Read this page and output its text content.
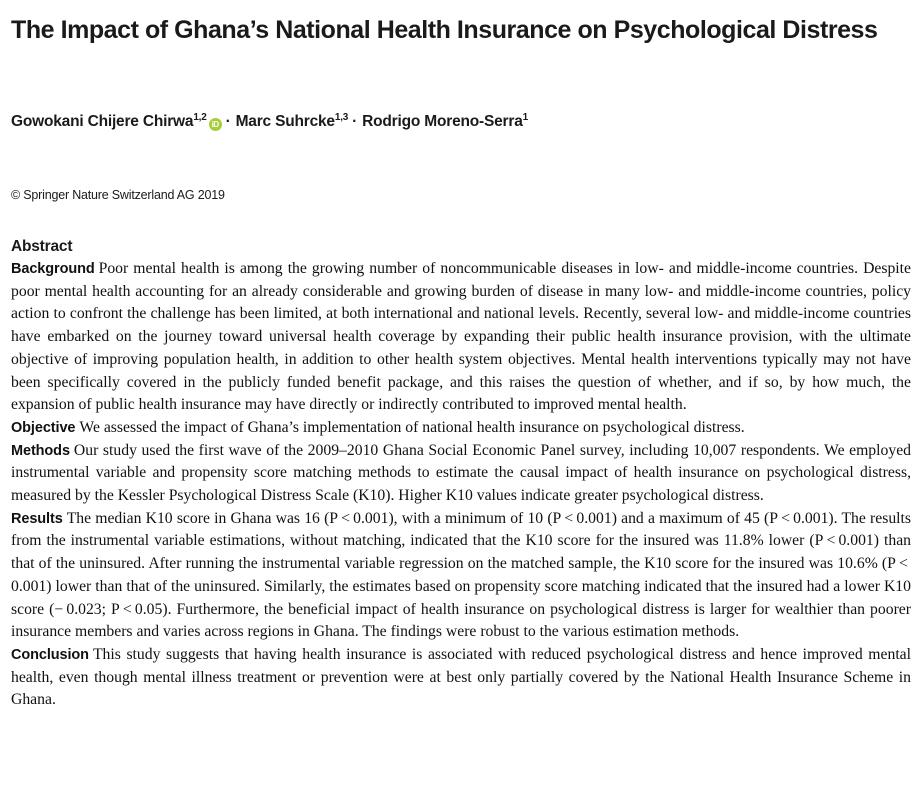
The Impact of Ghana’s National Health Insurance on Psychological Distress
Gowokani Chijere Chirwa$^{1,2}$iD · Marc Suhrcke$^{1,3}$ · Rodrigo Moreno-Serra$^1$
© Springer Nature Switzerland AG 2019
Abstract

Background Poor mental health is among the growing number of noncommunicable diseases in low- and middle-income countries. Despite poor mental health accounting for an already considerable and growing burden of disease in many low- and middle-income countries, policy action to confront the challenge has been limited, at both international and national levels. Recently, several low- and middle-income countries have embarked on the journey toward universal health coverage by expanding their public health insurance provision, with the ultimate objective of improving population health, in addition to other health system objectives. Mental health interventions typically may not have been specifically covered in the publicly funded benefit package, and this raises the question of whether, and if so, by how much, the expansion of public health insurance may have directly or indirectly contributed to improved mental health.

Objective We assessed the impact of Ghana’s implementation of national health insurance on psychological distress.

Methods Our study used the first wave of the 2009–2010 Ghana Social Economic Panel survey, including 10,007 respondents. We employed instrumental variable and propensity score matching methods to estimate the causal impact of health insurance on psychological distress, measured by the Kessler Psychological Distress Scale (K10). Higher K10 values indicate greater psychological distress.

Results The median K10 score in Ghana was 16 (P < 0.001), with a minimum of 10 (P < 0.001) and a maximum of 45 (P < 0.001). The results from the instrumental variable estimations, without matching, indicated that the K10 score for the insured was 11.8% lower (P < 0.001) than that of the uninsured. After running the instrumental variable regression on the matched sample, the K10 score for the insured was 10.6% (P < 0.001) lower than that of the uninsured. Similarly, the estimates based on propensity score matching indicated that the insured had a lower K10 score (− 0.023; P < 0.05). Furthermore, the beneficial impact of health insurance on psychological distress is larger for wealthier than poorer insurance members and varies across regions in Ghana. The findings were robust to the various estimation methods.

Conclusion This study suggests that having health insurance is associated with reduced psychological distress and hence improved mental health, even though mental illness treatment or prevention were at best only partially covered by the National Health Insurance Scheme in Ghana.
